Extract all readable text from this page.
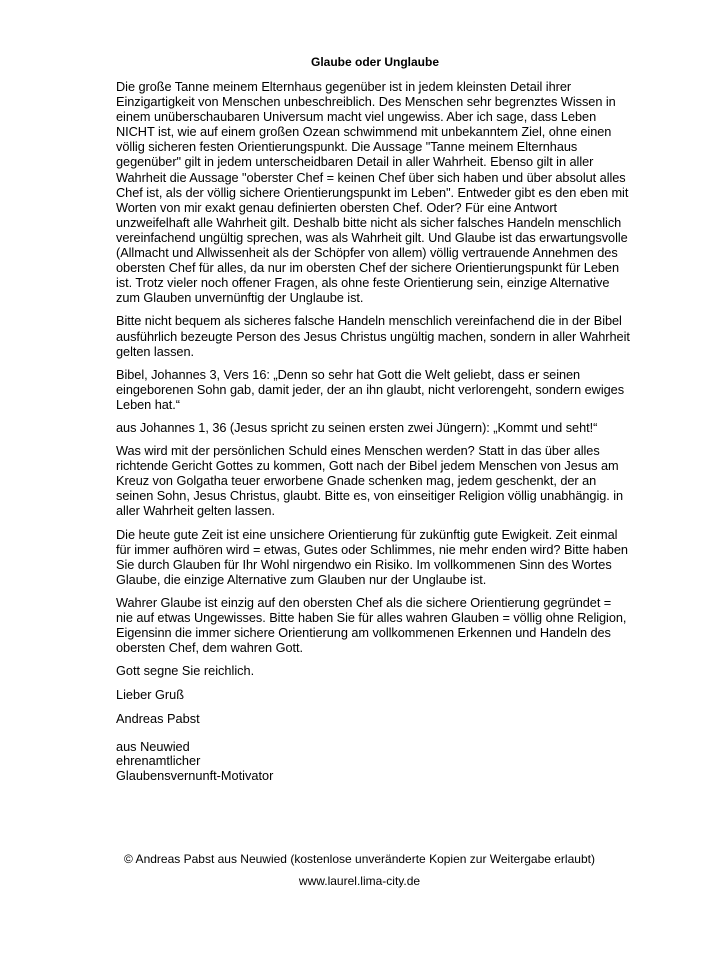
Glaube oder Unglaube

Die große Tanne meinem Elternhaus gegenüber ist in jedem kleinsten Detail ihrer Einzigartigkeit von Menschen unbeschreiblich. Des Menschen sehr begrenztes Wissen in einem unüberschaubaren Universum macht viel ungewiss. Aber ich sage, dass Leben NICHT ist, wie auf einem großen Ozean schwimmend mit unbekanntem Ziel, ohne einen völlig sicheren festen Orientierungspunkt. Die Aussage "Tanne meinem Elternhaus gegenüber" gilt in jedem unterscheidbaren Detail in aller Wahrheit. Ebenso gilt in aller Wahrheit die Aussage "oberster Chef = keinen Chef über sich haben und über absolut alles Chef ist, als der völlig sichere Orientierungspunkt im Leben". Entweder gibt es den eben mit Worten von mir exakt genau definierten obersten Chef. Oder? Für eine Antwort unzweifelhaft alle Wahrheit gilt. Deshalb bitte nicht als sicher falsches Handeln menschlich vereinfachend ungültig sprechen, was als Wahrheit gilt. Und Glaube ist das erwartungsvolle (Allmacht und Allwissenheit als der Schöpfer von allem) völlig vertrauende Annehmen des obersten Chef für alles, da nur im obersten Chef der sichere Orientierungspunkt für Leben ist. Trotz vieler noch offener Fragen, als ohne feste Orientierung sein, einzige Alternative zum Glauben unvernünftig der Unglaube ist.

Bitte nicht bequem als sicheres falsche Handeln menschlich vereinfachend die in der Bibel ausführlich bezeugte Person des Jesus Christus ungültig machen, sondern in aller Wahrheit gelten lassen.

Bibel, Johannes 3, Vers 16: „Denn so sehr hat Gott die Welt geliebt, dass er seinen eingeborenen Sohn gab, damit jeder, der an ihn glaubt, nicht verlorengeht, sondern ewiges Leben hat.“

aus Johannes 1, 36 (Jesus spricht zu seinen ersten zwei Jüngern): „Kommt und seht!“

Was wird mit der persönlichen Schuld eines Menschen werden? Statt in das über alles richtende Gericht Gottes zu kommen, Gott nach der Bibel jedem Menschen von Jesus am Kreuz von Golgatha teuer erworbene Gnade schenken mag, jedem geschenkt, der an seinen Sohn, Jesus Christus, glaubt. Bitte es, von einseitiger Religion völlig unabhängig. in aller Wahrheit gelten lassen.

Die heute gute Zeit ist eine unsichere Orientierung für zukünftig gute Ewigkeit. Zeit einmal für immer aufhören wird = etwas, Gutes oder Schlimmes, nie mehr enden wird? Bitte haben Sie durch Glauben für Ihr Wohl nirgendwo ein Risiko. Im vollkommenen Sinn des Wortes Glaube, die einzige Alternative zum Glauben nur der Unglaube ist.

Wahrer Glaube ist einzig auf den obersten Chef als die sichere Orientierung gegründet = nie auf etwas Ungewisses. Bitte haben Sie für alles wahren Glauben = völlig ohne Religion, Eigensinn die immer sichere Orientierung am vollkommenen Erkennen und Handeln des obersten Chef, dem wahren Gott.

Gott segne Sie reichlich.
Lieber Gruß
Andreas Pabst
aus Neuwied
ehrenamtlicher
Glaubensvernunft-Motivator
© Andreas Pabst aus Neuwied (kostenlose unveränderte Kopien zur Weitergabe erlaubt)
www.laurel.lima-city.de
